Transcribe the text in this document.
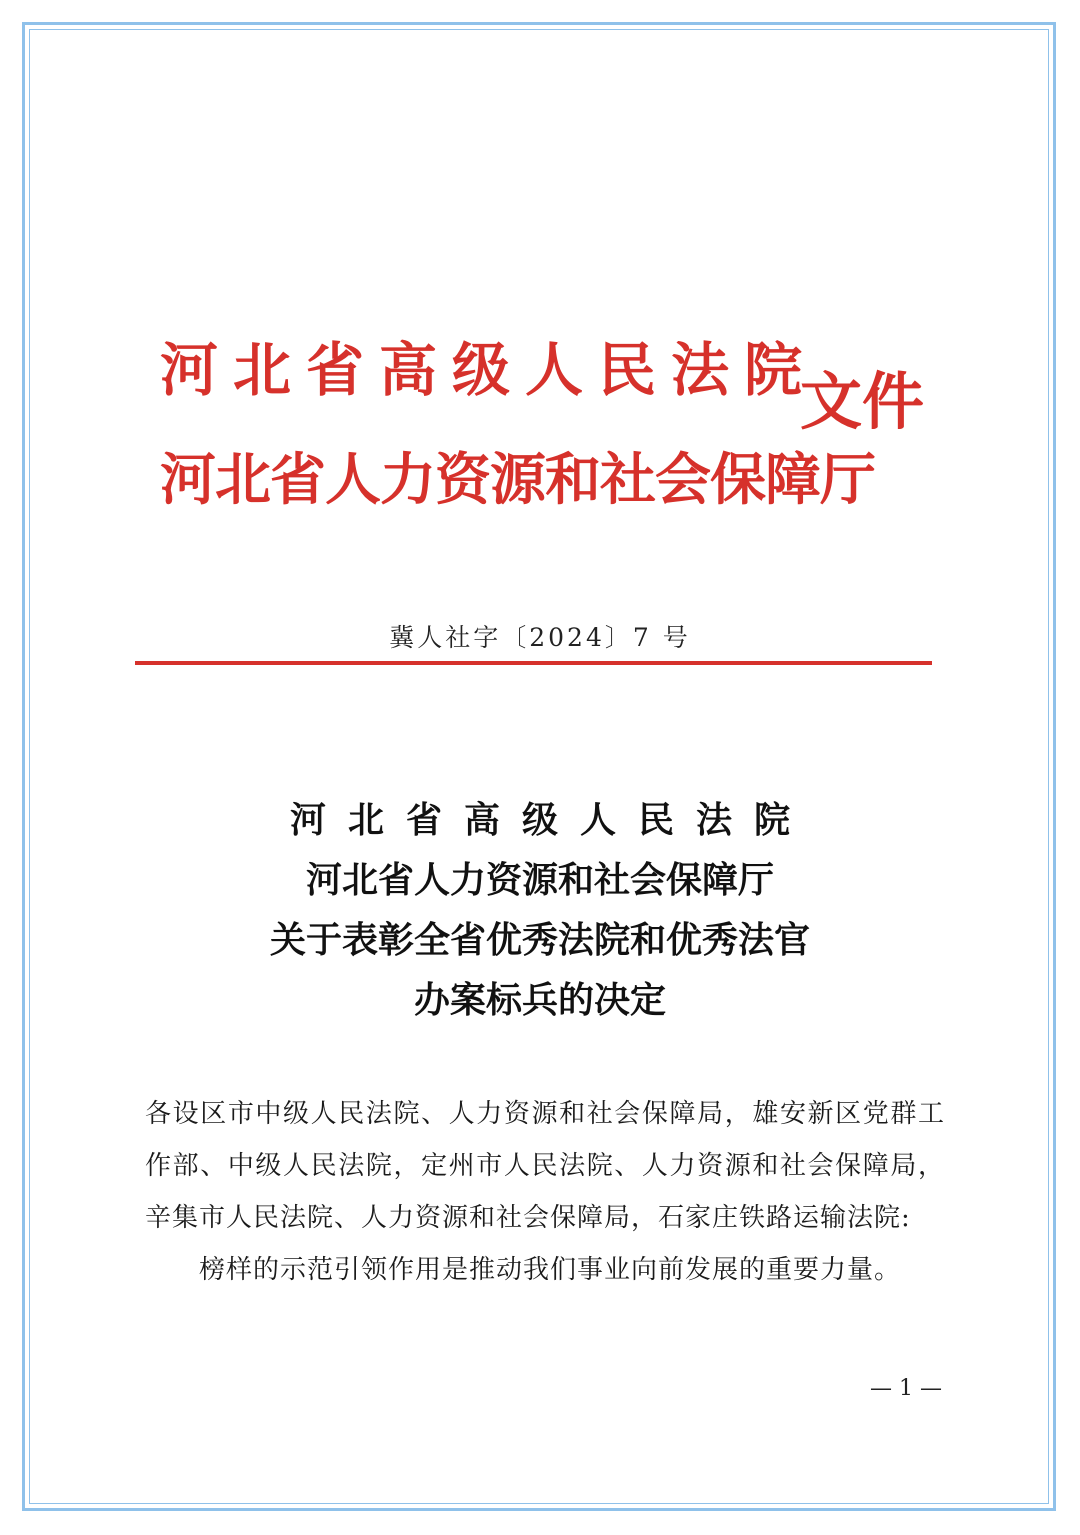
河北省高级人民法院
河北省人力资源和社会保障厅
文件
冀人社字〔2024〕7 号
河北省高级人民法院
河北省人力资源和社会保障厅
关于表彰全省优秀法院和优秀法官
办案标兵的决定

各设区市中级人民法院、人力资源和社会保障局，雄安新区党群工作部、中级人民法院，定州市人民法院、人力资源和社会保障局，辛集市人民法院、人力资源和社会保障局，石家庄铁路运输法院:

榜样的示范引领作用是推动我们事业向前发展的重要力量。

— 1 —
